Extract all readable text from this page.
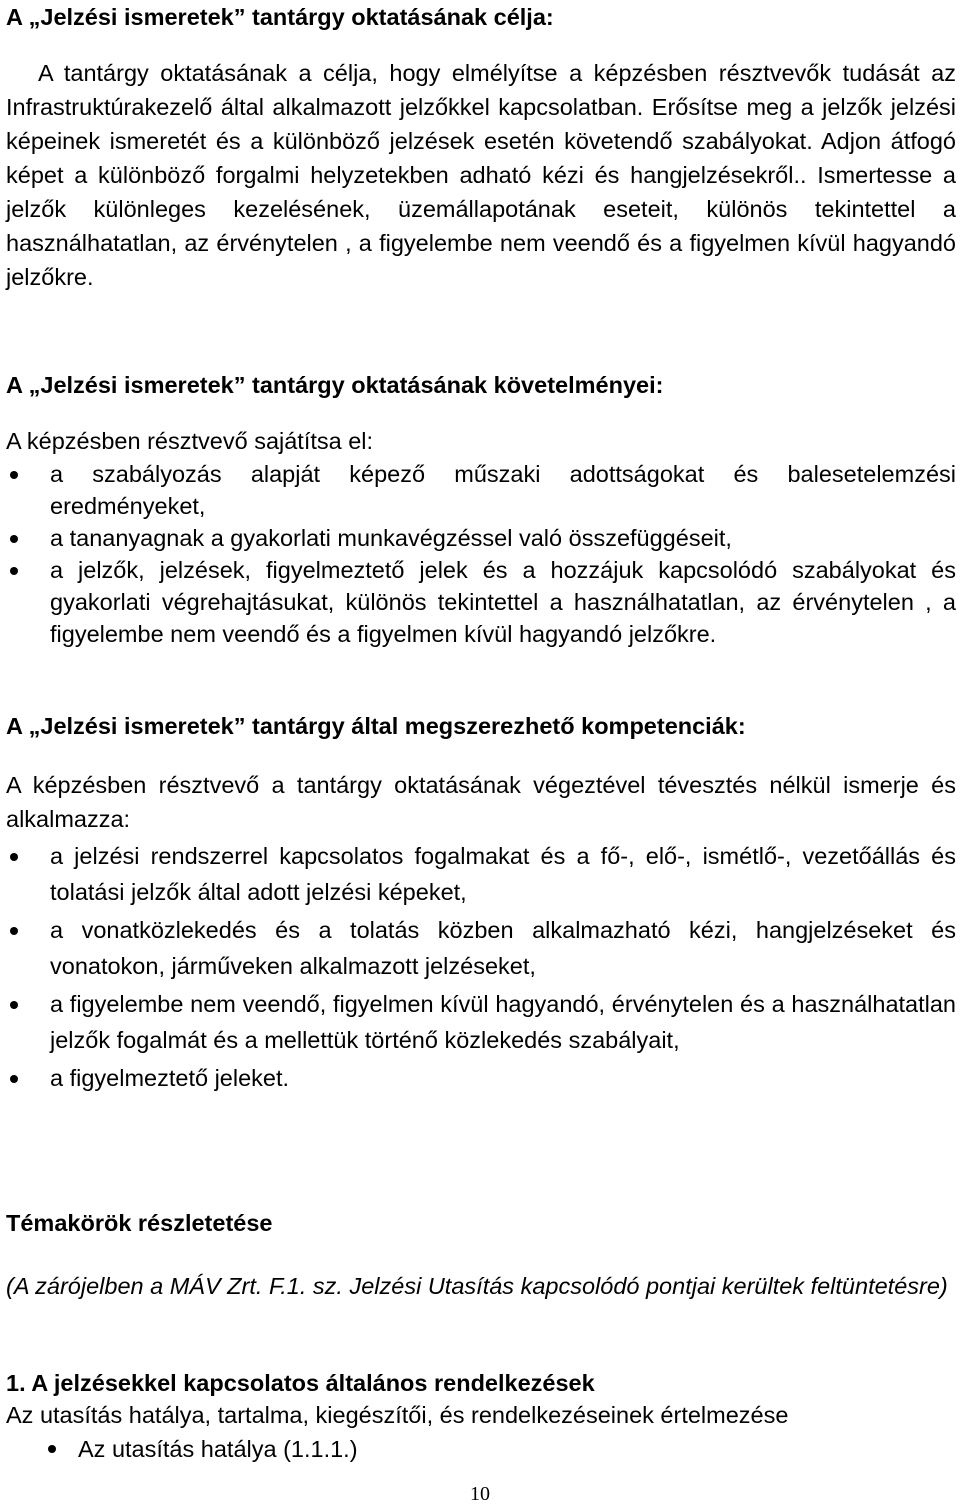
A „Jelzési ismeretek” tantárgy oktatásának célja:

A tantárgy oktatásának a célja, hogy elmélyítse a képzésben résztvevők tudását az Infrastruktúrakezelő által alkalmazott jelzőkkel kapcsolatban. Erősítse meg a jelzők jelzési képeinek ismeretét és a különböző jelzések esetén követendő szabályokat. Adjon átfogó képet a különböző forgalmi helyzetekben adható kézi és hangjelzésekről.. Ismertesse a jelzők különleges kezelésének, üzemállapotának eseteit, különös tekintettel a használhatatlan, az érvénytelen , a figyelembe nem veendő és a figyelmen kívül hagyandó jelzőkre.

A „Jelzési ismeretek” tantárgy oktatásának követelményei:

A képzésben résztvevő sajátítsa el:

a szabályozás alapját képező műszaki adottságokat és balesetelemzési eredményeket,
a tananyagnak a gyakorlati munkavégzéssel való összefüggéseit,
a jelzők, jelzések, figyelmeztető jelek és a hozzájuk kapcsolódó szabályokat és gyakorlati végrehajtásukat, különös tekintettel a használhatatlan, az érvénytelen , a figyelembe nem veendő és a figyelmen kívül hagyandó jelzőkre.

A „Jelzési ismeretek” tantárgy által megszerezhető kompetenciák:

A képzésben résztvevő a tantárgy oktatásának végeztével tévesztés nélkül ismerje és alkalmazza:

a jelzési rendszerrel kapcsolatos fogalmakat és a fő-, elő-, ismétlő-, vezetőállás és tolatási jelzők által adott jelzési képeket,
a vonatközlekedés és a tolatás közben alkalmazható kézi, hangjelzéseket és vonatokon, járműveken alkalmazott jelzéseket,
a figyelembe nem veendő, figyelmen kívül hagyandó, érvénytelen és a használhatatlan jelzők fogalmát és a mellettük történő közlekedés szabályait,
a figyelmeztető jeleket.

Témakörök részletetése

(A zárójelben a MÁV Zrt. F.1. sz. Jelzési Utasítás kapcsolódó pontjai kerültek feltüntetésre)

1. A jelzésekkel kapcsolatos általános rendelkezések

Az utasítás hatálya, tartalma, kiegészítői, és rendelkezéseinek értelmezése

Az utasítás hatálya (1.1.1.)
10
